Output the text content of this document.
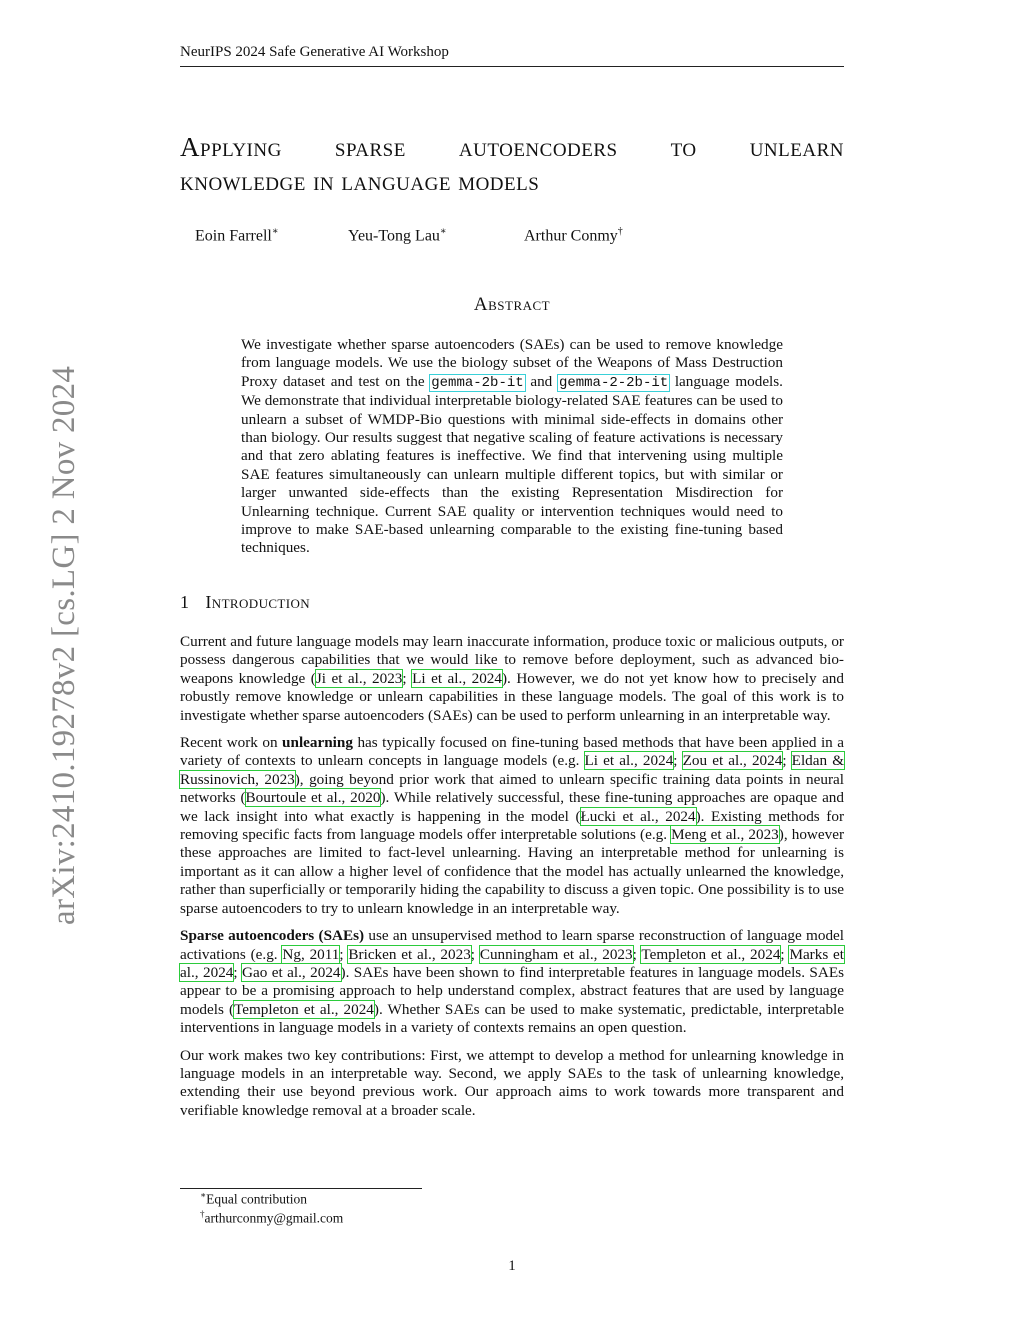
NeurIPS 2024 Safe Generative AI Workshop
arXiv:2410.19278v2 [cs.LG] 2 Nov 2024
Applying sparse autoencoders to unlearn
knowledge in language models
Eoin Farrell∗	Yeu-Tong Lau∗	Arthur Conmy†
Abstract
We investigate whether sparse autoencoders (SAEs) can be used to remove knowledge from language models. We use the biology subset of the Weapons of Mass Destruction Proxy dataset and test on the gemma-2b-it and gemma-2-2b-it language models. We demonstrate that individual interpretable biology-related SAE features can be used to unlearn a subset of WMDP-Bio questions with minimal side-effects in domains other than biology. Our results suggest that negative scaling of feature activations is necessary and that zero ablating features is ineffective. We find that intervening using multiple SAE features simultaneously can unlearn multiple different topics, but with similar or larger unwanted side-effects than the existing Representation Misdirection for Unlearning technique. Current SAE quality or intervention techniques would need to improve to make SAE-based unlearning comparable to the existing fine-tuning based techniques.
1 Introduction

Current and future language models may learn inaccurate information, produce toxic or malicious outputs, or possess dangerous capabilities that we would like to remove before deployment, such as advanced bio-weapons knowledge (Ji et al., 2023; Li et al., 2024). However, we do not yet know how to precisely and robustly remove knowledge or unlearn capabilities in these language models. The goal of this work is to investigate whether sparse autoencoders (SAEs) can be used to perform unlearning in an interpretable way.

Recent work on unlearning has typically focused on fine-tuning based methods that have been applied in a variety of contexts to unlearn concepts in language models (e.g. Li et al., 2024; Zou et al., 2024; Eldan & Russinovich, 2023), going beyond prior work that aimed to unlearn specific training data points in neural networks (Bourtoule et al., 2020). While relatively successful, these fine-tuning approaches are opaque and we lack insight into what exactly is happening in the model (Łucki et al., 2024). Existing methods for removing specific facts from language models offer interpretable solutions (e.g. Meng et al., 2023), however these approaches are limited to fact-level unlearning. Having an interpretable method for unlearning is important as it can allow a higher level of confidence that the model has actually unlearned the knowledge, rather than superficially or temporarily hiding the capability to discuss a given topic. One possibility is to use sparse autoencoders to try to unlearn knowledge in an interpretable way.

Sparse autoencoders (SAEs) use an unsupervised method to learn sparse reconstruction of language model activations (e.g. Ng, 2011; Bricken et al., 2023; Cunningham et al., 2023; Templeton et al., 2024; Marks et al., 2024; Gao et al., 2024). SAEs have been shown to find interpretable features in language models. SAEs appear to be a promising approach to help understand complex, abstract features that are used by language models (Templeton et al., 2024). Whether SAEs can be used to make systematic, predictable, interpretable interventions in language models in a variety of contexts remains an open question.

Our work makes two key contributions: First, we attempt to develop a method for unlearning knowledge in language models in an interpretable way. Second, we apply SAEs to the task of unlearning knowledge, extending their use beyond previous work. Our approach aims to work towards more transparent and verifiable knowledge removal at a broader scale.

∗Equal contribution
†arthurconmy@gmail.com
1
